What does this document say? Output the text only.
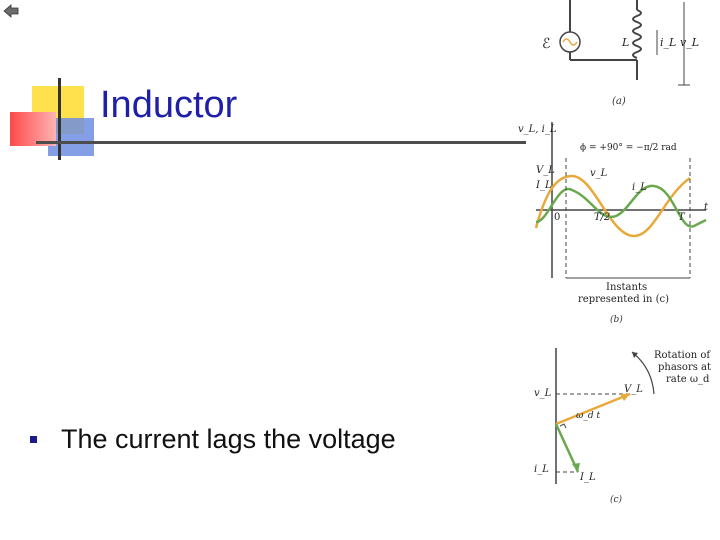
Inductor
The current lags the voltage
ℰ	L	i_L v_L
(a)
v_L, i_L
ϕ = +90° = −π/2 rad
V_L
I_L
v_L
i_L
t
0	T/2	T
Instants
represented in (c)
(b)
v_L
i_L
V_L
I_L
ω_d t
Rotation of
phasors at
rate ω_d
(c)
